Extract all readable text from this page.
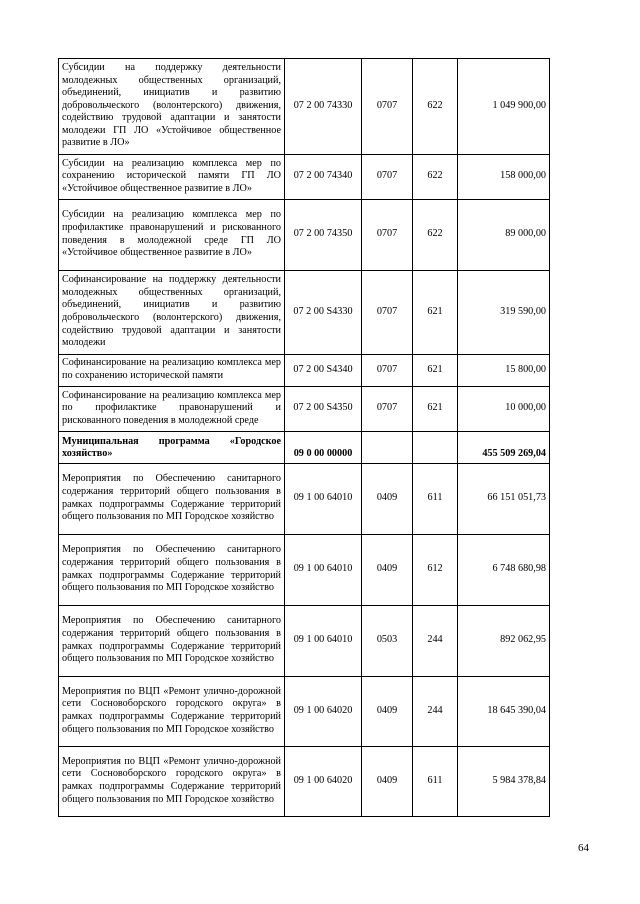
Субсидии на поддержку деятельности молодежных общественных организаций, объединений, инициатив и развитию добровольческого (волонтерского) движения, содействию трудовой адаптации и занятости молодежи ГП ЛО «Устойчивое общественное развитие в ЛО»	07 2 00 74330	0707	622	1 049 900,00
Субсидии на реализацию комплекса мер по сохранению исторической памяти ГП ЛО «Устойчивое общественное развитие в ЛО»	07 2 00 74340	0707	622	158 000,00
Субсидии на реализацию комплекса мер по профилактике правонарушений и рискованного поведения в молодежной среде ГП ЛО «Устойчивое общественное развитие в ЛО»	07 2 00 74350	0707	622	89 000,00
Софинансирование на поддержку деятельности молодежных общественных организаций, объединений, инициатив и развитию добровольческого (волонтерского) движения, содействию трудовой адаптации и занятости молодежи	07 2 00 S4330	0707	621	319 590,00
Софинансирование на реализацию комплекса мер по сохранению исторической памяти	07 2 00 S4340	0707	621	15 800,00
Софинансирование на реализацию комплекса мер по профилактике правонарушений и рискованного поведения в молодежной среде	07 2 00 S4350	0707	621	10 000,00
Муниципальная программа «Городское хозяйство»	09 0 00 00000			455 509 269,04
Мероприятия по Обеспечению санитарного содержания территорий общего пользования в рамках подпрограммы Содержание территорий общего пользования по МП Городское хозяйство	09 1 00 64010	0409	611	66 151 051,73
Мероприятия по Обеспечению санитарного содержания территорий общего пользования в рамках подпрограммы Содержание территорий общего пользования по МП Городское хозяйство	09 1 00 64010	0409	612	6 748 680,98
Мероприятия по Обеспечению санитарного содержания территорий общего пользования в рамках подпрограммы Содержание территорий общего пользования по МП Городское хозяйство	09 1 00 64010	0503	244	892 062,95
Мероприятия по ВЦП «Ремонт улично-дорожной сети Сосновоборского городского округа» в рамках подпрограммы Содержание территорий общего пользования по МП Городское хозяйство	09 1 00 64020	0409	244	18 645 390,04
Мероприятия по ВЦП «Ремонт улично-дорожной сети Сосновоборского городского округа» в рамках подпрограммы Содержание территорий общего пользования по МП Городское хозяйство	09 1 00 64020	0409	611	5 984 378,84
64
